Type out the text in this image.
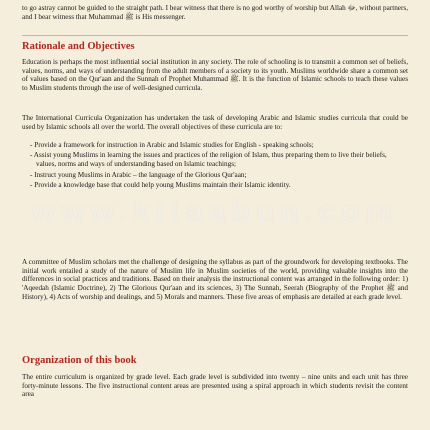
to go astray cannot be guided to the straight path. I bear witness that there is no god worthy of worship but Allah ﷻ, without partners, and I bear witness that Muhammad ﷺ is His messenger.

Rationale and Objectives

Education is perhaps the most influential social institution in any society. The role of schooling is to transmit a common set of beliefs, values, norms, and ways of understanding from the adult members of a society to its youth. Muslims worldwide share a common set of values based on the Qur'aan and the Sunnah of Prophet Muhammad ﷺ. It is the function of Islamic schools to teach these values to Muslim students through the use of well-designed curricula.

The International Curricula Organization has undertaken the task of developing Arabic and Islamic studies curricula that could be used by Islamic schools all over the world. The overall objectives of these curricula are to:

- Provide a framework for instruction in Arabic and Islamic studies for English - speaking schools;
- Assist young Muslims in learning the issues and practices of the religion of Islam, thus preparing them to live their beliefs, values, norms and ways of understanding based on Islamic teachings;
- Instruct young Muslims in Arabic – the language of the Glorious Qur'aan;
- Provide a knowledge base that could help young Muslims maintain their Islamic identity.

A committee of Muslim scholars met the challenge of designing the syllabus as part of the groundwork for developing textbooks. The initial work entailed a study of the nature of Muslim life in Muslim societies of the world, providing valuable insights into the differences in social practices and traditions. Based on their analysis the instructional content was arranged in the following order: 1) 'Aqeedah (Islamic Doctrine), 2) The Glorious Qur'aan and its sciences, 3) The Sunnah, Seerah (Biography of the Prophet ﷺ and History), 4) Acts of worship and dealings, and 5) Morals and manners. These five areas of emphasis are detailed at each grade level.

Organization of this book

The entire curriculum is organized by grade level. Each grade level is subdivided into twenty – nine units and each unit has three forty-minute lessons. The five instructional content areas are presented using a spiral approach in which students revisit the content area

www.kitaabun.com
